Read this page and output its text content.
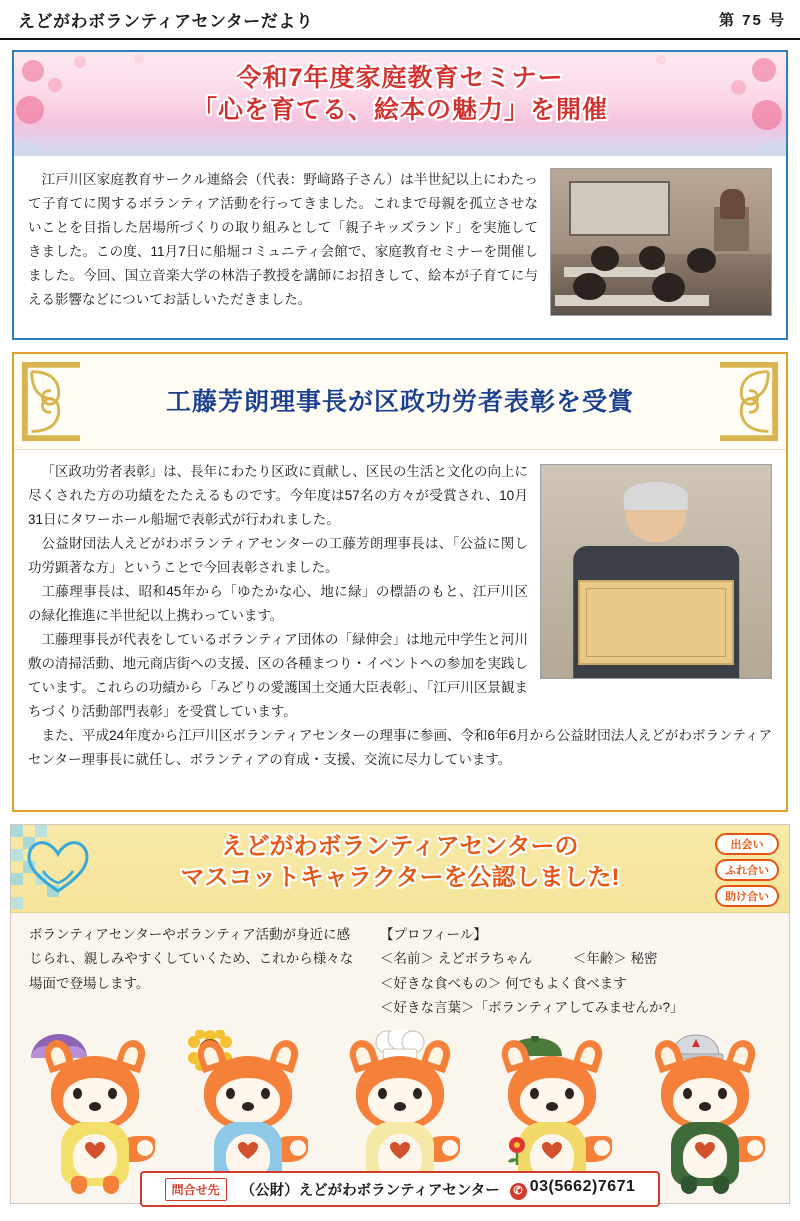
えどがわボランティアセンターだより	第 75 号
令和7年度家庭教育セミナー
「心を育てる、絵本の魅力」を開催

江戸川区家庭教育サークル連絡会（代表：野﨑路子さん）は半世紀以上にわたって子育てに関するボランティア活動を行ってきました。これまで母親を孤立させないことを目指した居場所づくりの取り組みとして「親子キッズランド」を実施してきました。この度、11月7日に船堀コミュニティ会館で、家庭教育セミナーを開催しました。今回、国立音楽大学の林浩子教授を講師にお招きして、絵本が子育てに与える影響などについてお話しいただきました。

工藤芳朗理事長が区政功労者表彰を受賞

「区政功労者表彰」は、長年にわたり区政に貢献し、区民の生活と文化の向上に尽くされた方の功績をたたえるものです。今年度は57名の方々が受賞され、10月31日にタワーホール船堀で表彰式が行われました。

公益財団法人えどがわボランティアセンターの工藤芳朗理事長は、「公益に関し功労顕著な方」ということで今回表彰されました。

工藤理事長は、昭和45年から「ゆたかな心、地に緑」の標語のもと、江戸川区の緑化推進に半世紀以上携わっています。

工藤理事長が代表をしているボランティア団体の「緑伸会」は地元中学生と河川敷の清掃活動、地元商店街への支援、区の各種まつり・イベントへの参加を実践しています。これらの功績から「みどりの愛護国土交通大臣表彰」、「江戸川区景観まちづくり活動部門表彰」を受賞しています。

また、平成24年度から江戸川区ボランティアセンターの理事に参画、令和6年6月から公益財団法人えどがわボランティアセンター理事長に就任し、ボランティアの育成・支援、交流に尽力しています。

出会い
ふれ合い
助け合い
えどがわボランティアセンターの
マスコットキャラクターを公認しました!

ボランティアセンターやボランティア活動が身近に感じられ、親しみやすくしていくため、これから様々な場面で登場します。

【プロフィール】
＜名前＞ えどボラちゃん　　　＜年齢＞ 秘密
＜好きな食べもの＞ 何でもよく食べます
＜好きな言葉＞「ボランティアしてみませんか?」
問合せ先	（公財）えどがわボランティアセンター	✆ 03(5662)7671
